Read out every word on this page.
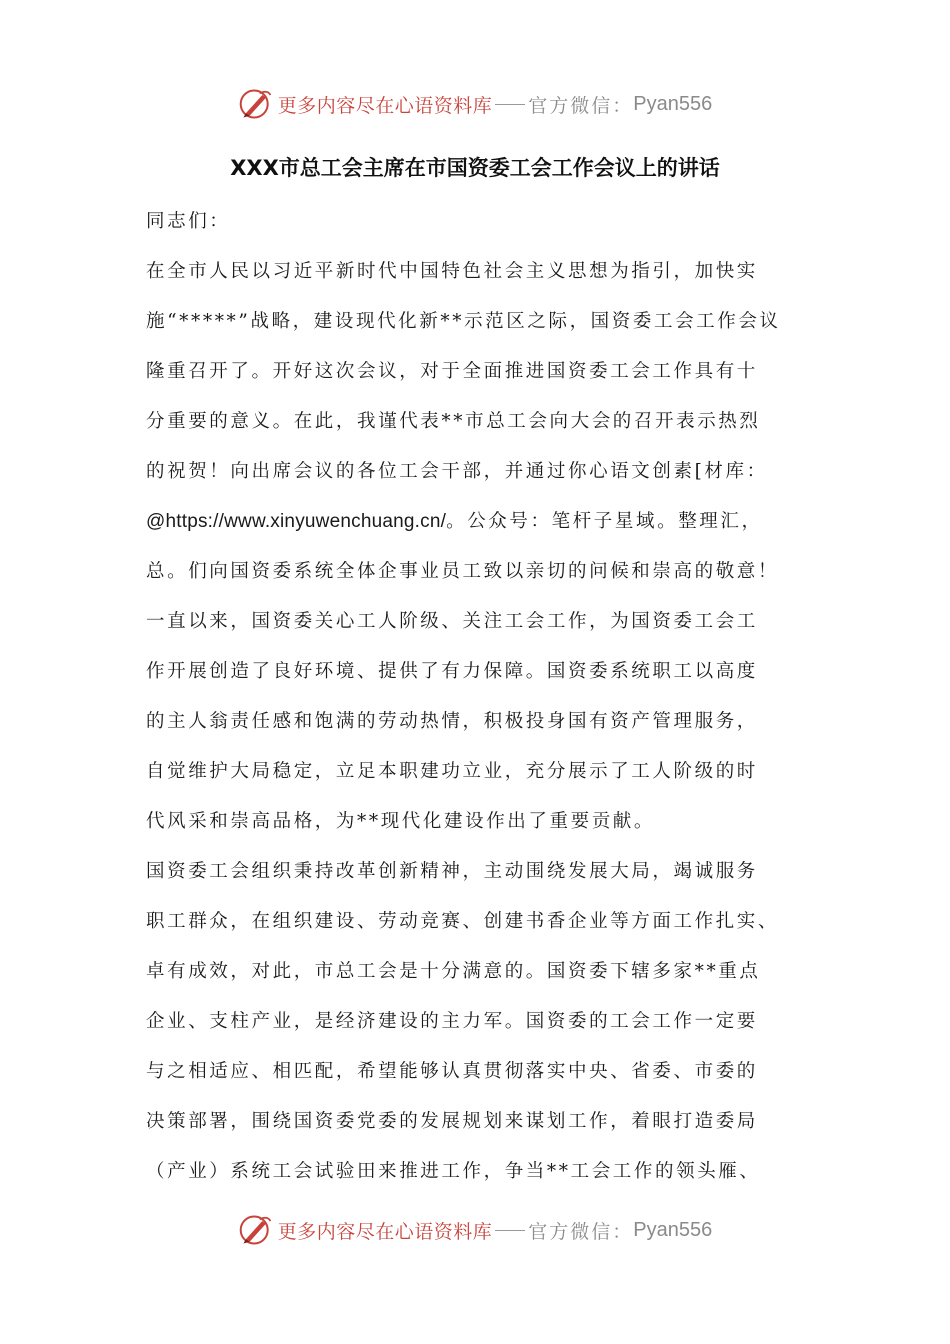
更多内容尽在心语资料库 官方微信： Pyan556
XXX市总工会主席在市国资委工会工作会议上的讲话
同志们：
在全市人民以习近平新时代中国特色社会主义思想为指引，加快实
施“*****”战略，建设现代化新**示范区之际，国资委工会工作会议
隆重召开了。开好这次会议，对于全面推进国资委工会工作具有十
分重要的意义。在此，我谨代表**市总工会向大会的召开表示热烈
的祝贺！向出席会议的各位工会干部，并通过你心语文创素[材库：
@https://www.xinyuwenchuang.cn/。公众号：笔杆子星域。整理汇，
总。们向国资委系统全体企事业员工致以亲切的问候和崇高的敬意！
一直以来，国资委关心工人阶级、关注工会工作，为国资委工会工
作开展创造了良好环境、提供了有力保障。国资委系统职工以高度
的主人翁责任感和饱满的劳动热情，积极投身国有资产管理服务，
自觉维护大局稳定，立足本职建功立业，充分展示了工人阶级的时
代风采和崇高品格，为**现代化建设作出了重要贡献。
国资委工会组织秉持改革创新精神，主动围绕发展大局，竭诚服务
职工群众，在组织建设、劳动竞赛、创建书香企业等方面工作扎实、
卓有成效，对此，市总工会是十分满意的。国资委下辖多家**重点
企业、支柱产业，是经济建设的主力军。国资委的工会工作一定要
与之相适应、相匹配，希望能够认真贯彻落实中央、省委、市委的
决策部署，围绕国资委党委的发展规划来谋划工作，着眼打造委局
（产业）系统工会试验田来推进工作，争当**工会工作的领头雁、
更多内容尽在心语资料库 官方微信： Pyan556
